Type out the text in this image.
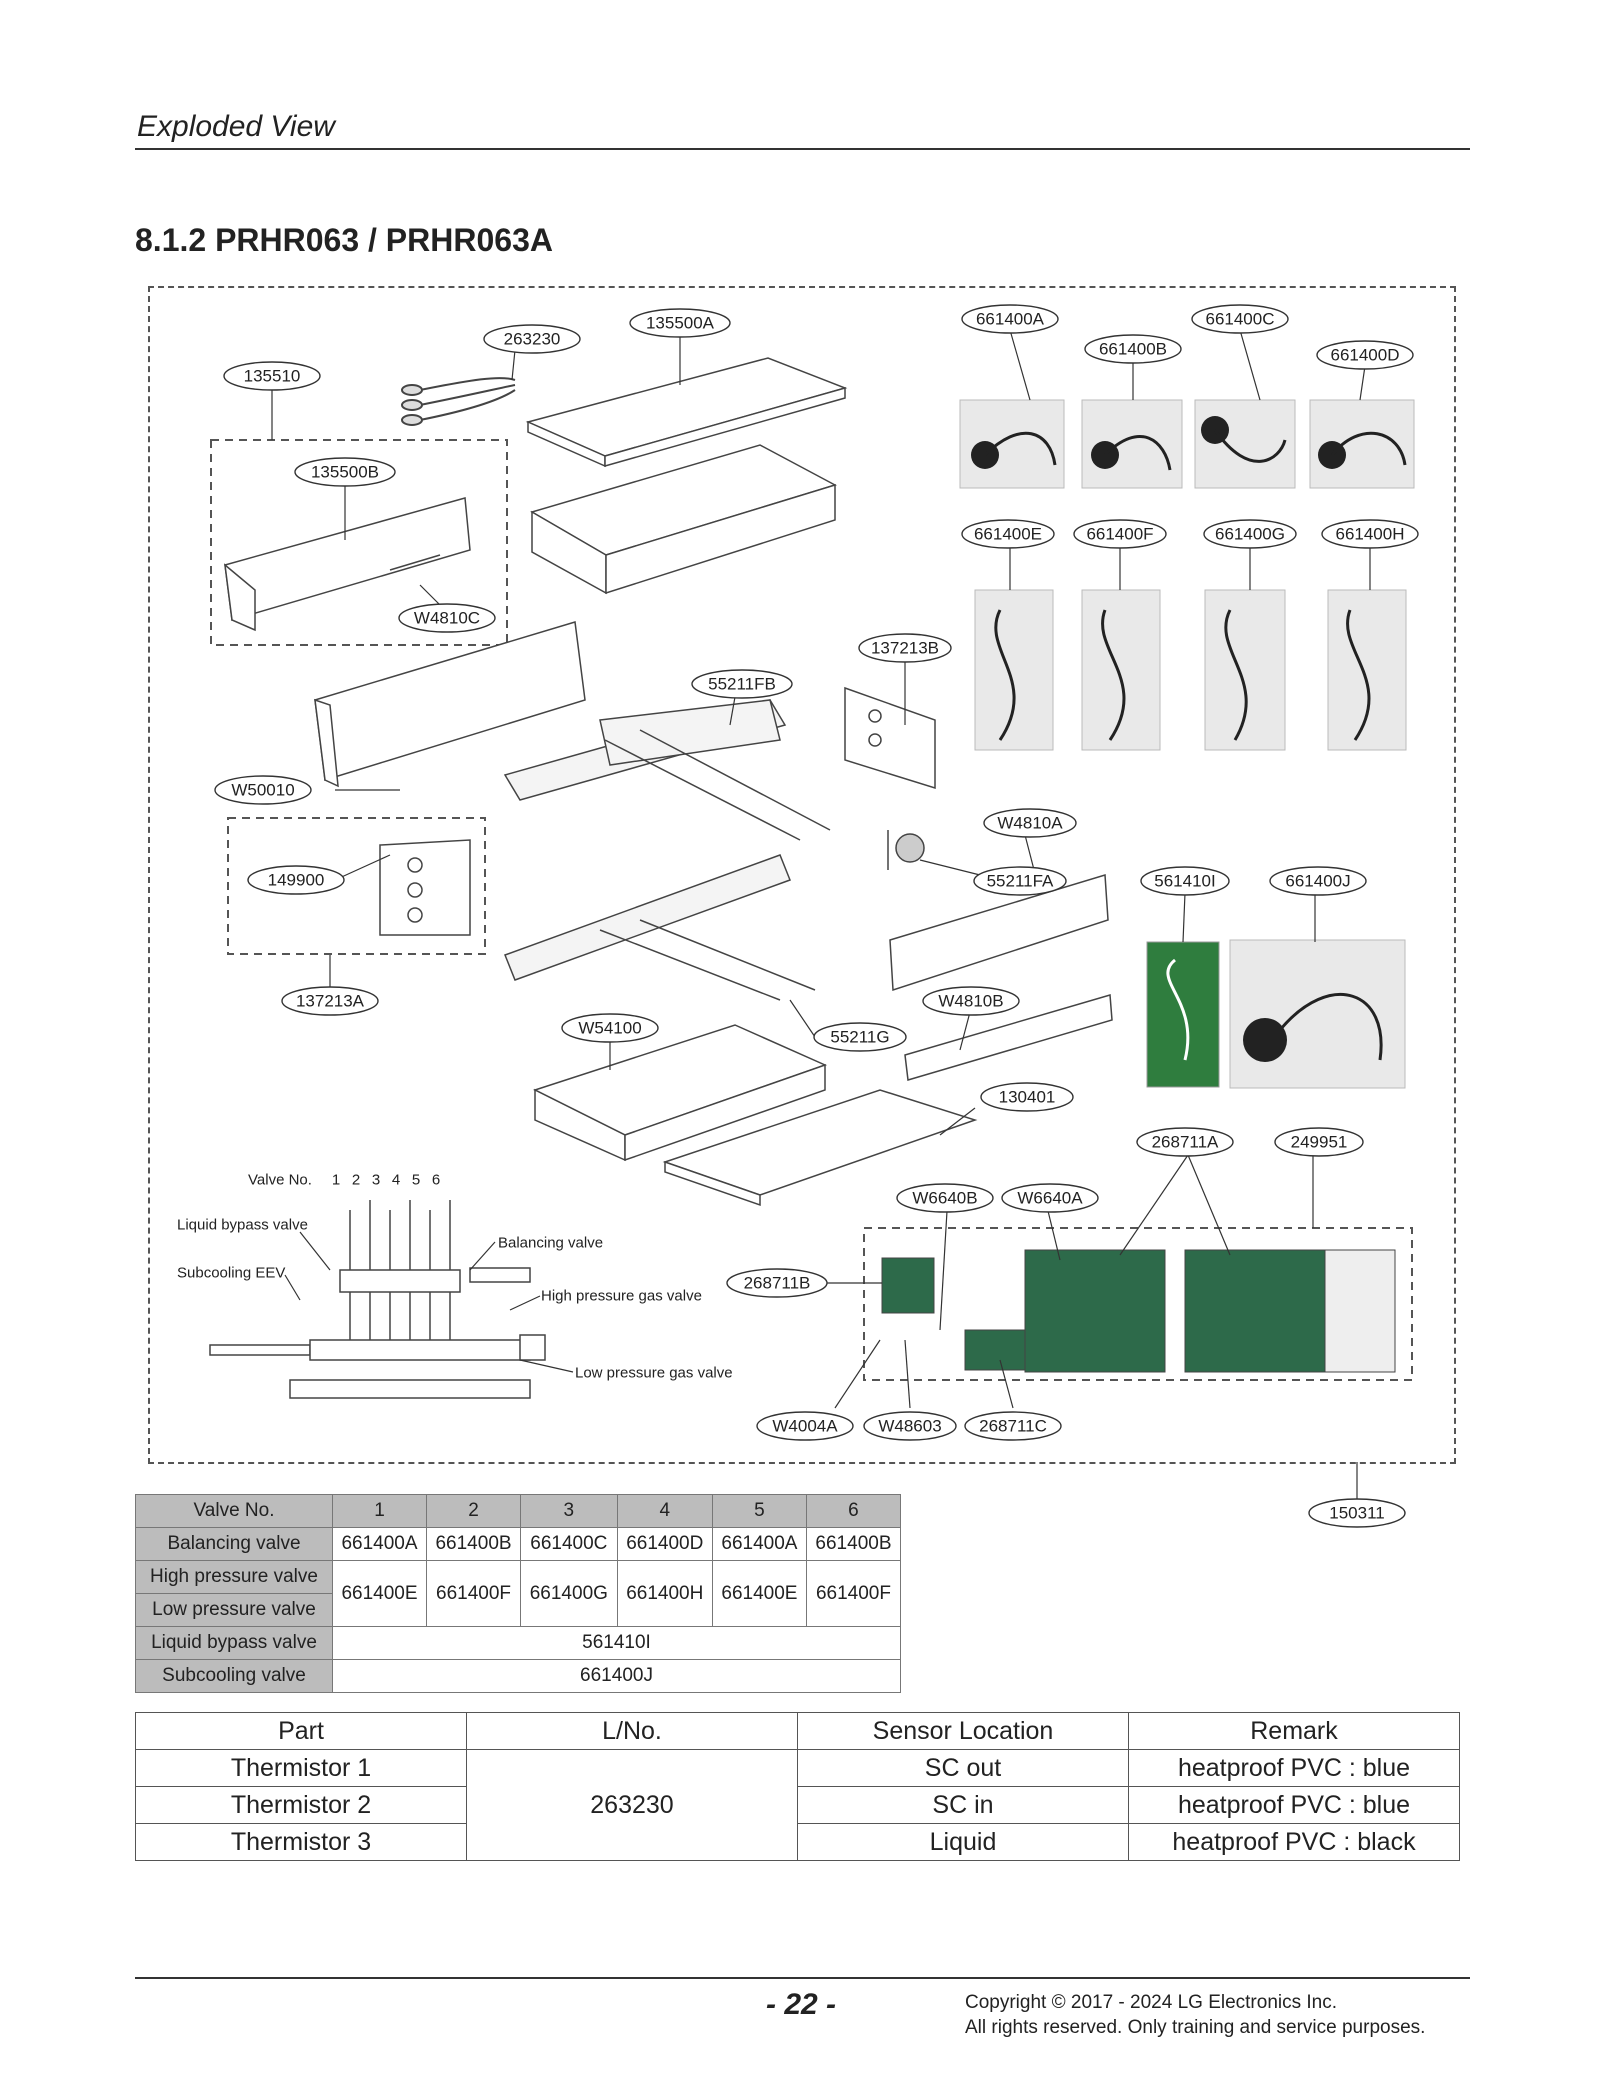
Exploded View
8.1.2 PRHR063 / PRHR063A
135510
263230
135500A
135500B
W4810C
661400A
661400B
661400C
661400D
661400E	661400F	661400G	661400H
137213B
55211FB
W50010
149900
W4810A
55211FA	561410I	661400J
137213A	W4810B
W54100	55211G
130401
268711A	249951
W6640B W6640A
268711B
W4004A W48603 268711C
150311
Valve No. 1 2 3 4 5 6
Liquid bypass valve
Subcooling EEV
Balancing valve
High pressure gas valve
Low pressure gas valve
Valve No.	1	2	3	4	5	6
Balancing valve	661400A	661400B	661400C	661400D	661400A	661400B
High pressure valve	661400E	661400F	661400G	661400H	661400E	661400F
Low pressure valve						
Liquid bypass valve	561410I					
Subcooling valve	661400J					
Part	L/No.	Sensor Location	Remark
Thermistor 1	263230	SC out	heatproof PVC : blue
Thermistor 2		SC in	heatproof PVC : blue
Thermistor 3		Liquid	heatproof PVC : black
- 22 -	Copyright © 2017 - 2024 LG Electronics Inc.
All rights reserved. Only training and service purposes.
